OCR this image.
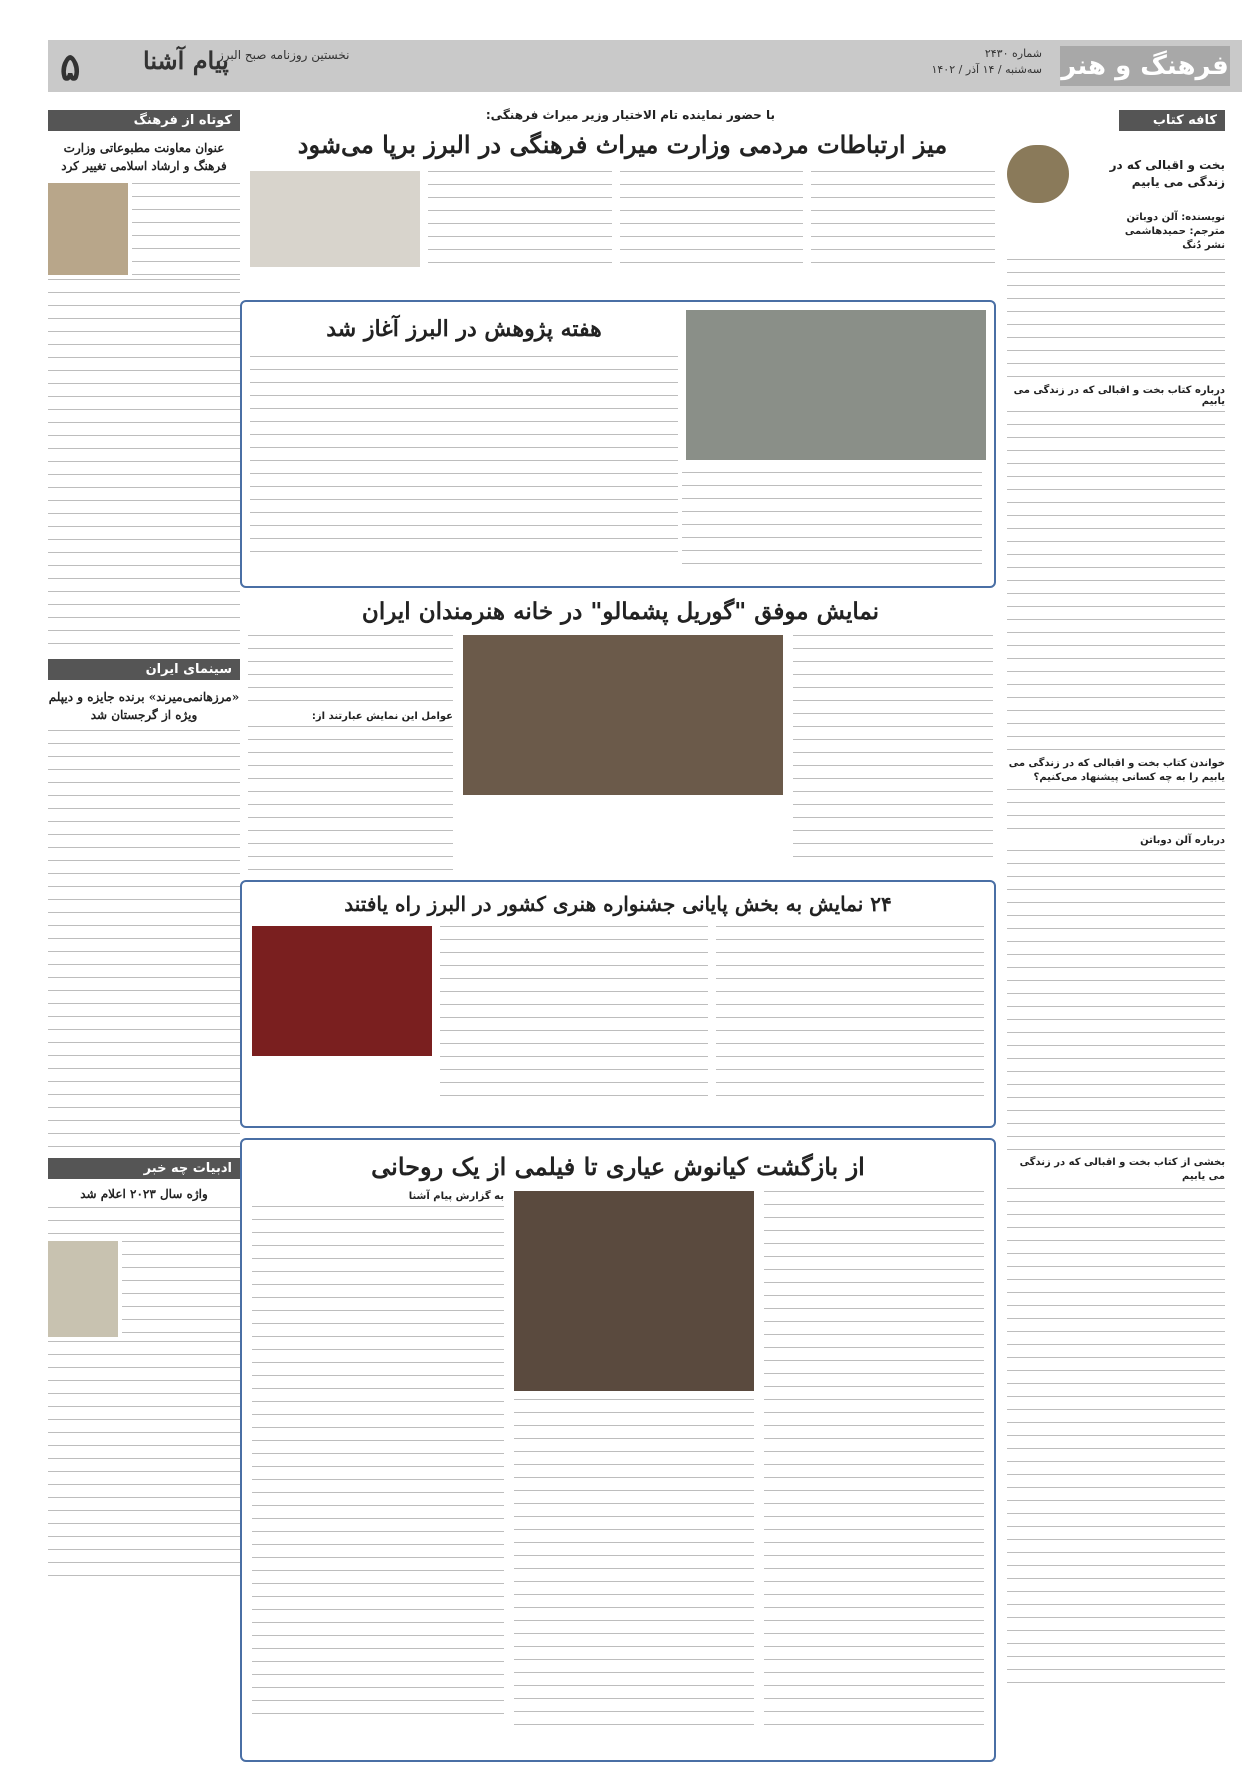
فرهنگ و هنر
شماره ۲۴۳۰
سه‌شنبه / ۱۴ آذر / ۱۴۰۲
نخستین روزنامه صبح البرز
پیام آشنا
۵
کافه کتاب
بخت و اقبالی که در زندگی می یابیم
نویسنده: آلن دوباتن
مترجم: حمیدهاشمی
نشر دُنگ
درباره کتاب بخت و اقبالی که در زندگی می یابیم
خواندن کتاب بخت و اقبالی که در زندگی می یابیم را به چه کسانی پیشنهاد می‌کنیم؟
درباره آلن دوباتن
بخشی از کتاب بخت و اقبالی که در زندگی می یابیم
کوتاه از فرهنگ
عنوان معاونت مطبوعاتی وزارت فرهنگ و ارشاد اسلامی تغییر کرد
سینمای ایران
«مرزهانمی‌میرند» برنده جایزه و دیپلم ویژه از گرجستان شد
ادبیات چه خبر
واژه سال ۲۰۲۳ اعلام شد
با حضور نماینده تام الاختیار وزیر میراث فرهنگی:
میز ارتباطات مردمی وزارت میراث فرهنگی در البرز برپا می‌شود
هفته پژوهش در البرز آغاز شد
نمایش موفق "گوریل پشمالو" در خانه هنرمندان ایران
عوامل این نمایش عبارتند از:
۲۴ نمایش به بخش پایانی جشنواره هنری کشور در البرز راه یافتند
از بازگشت کیانوش عیاری تا فیلمی از یک روحانی
به گزارش پیام آشنا
